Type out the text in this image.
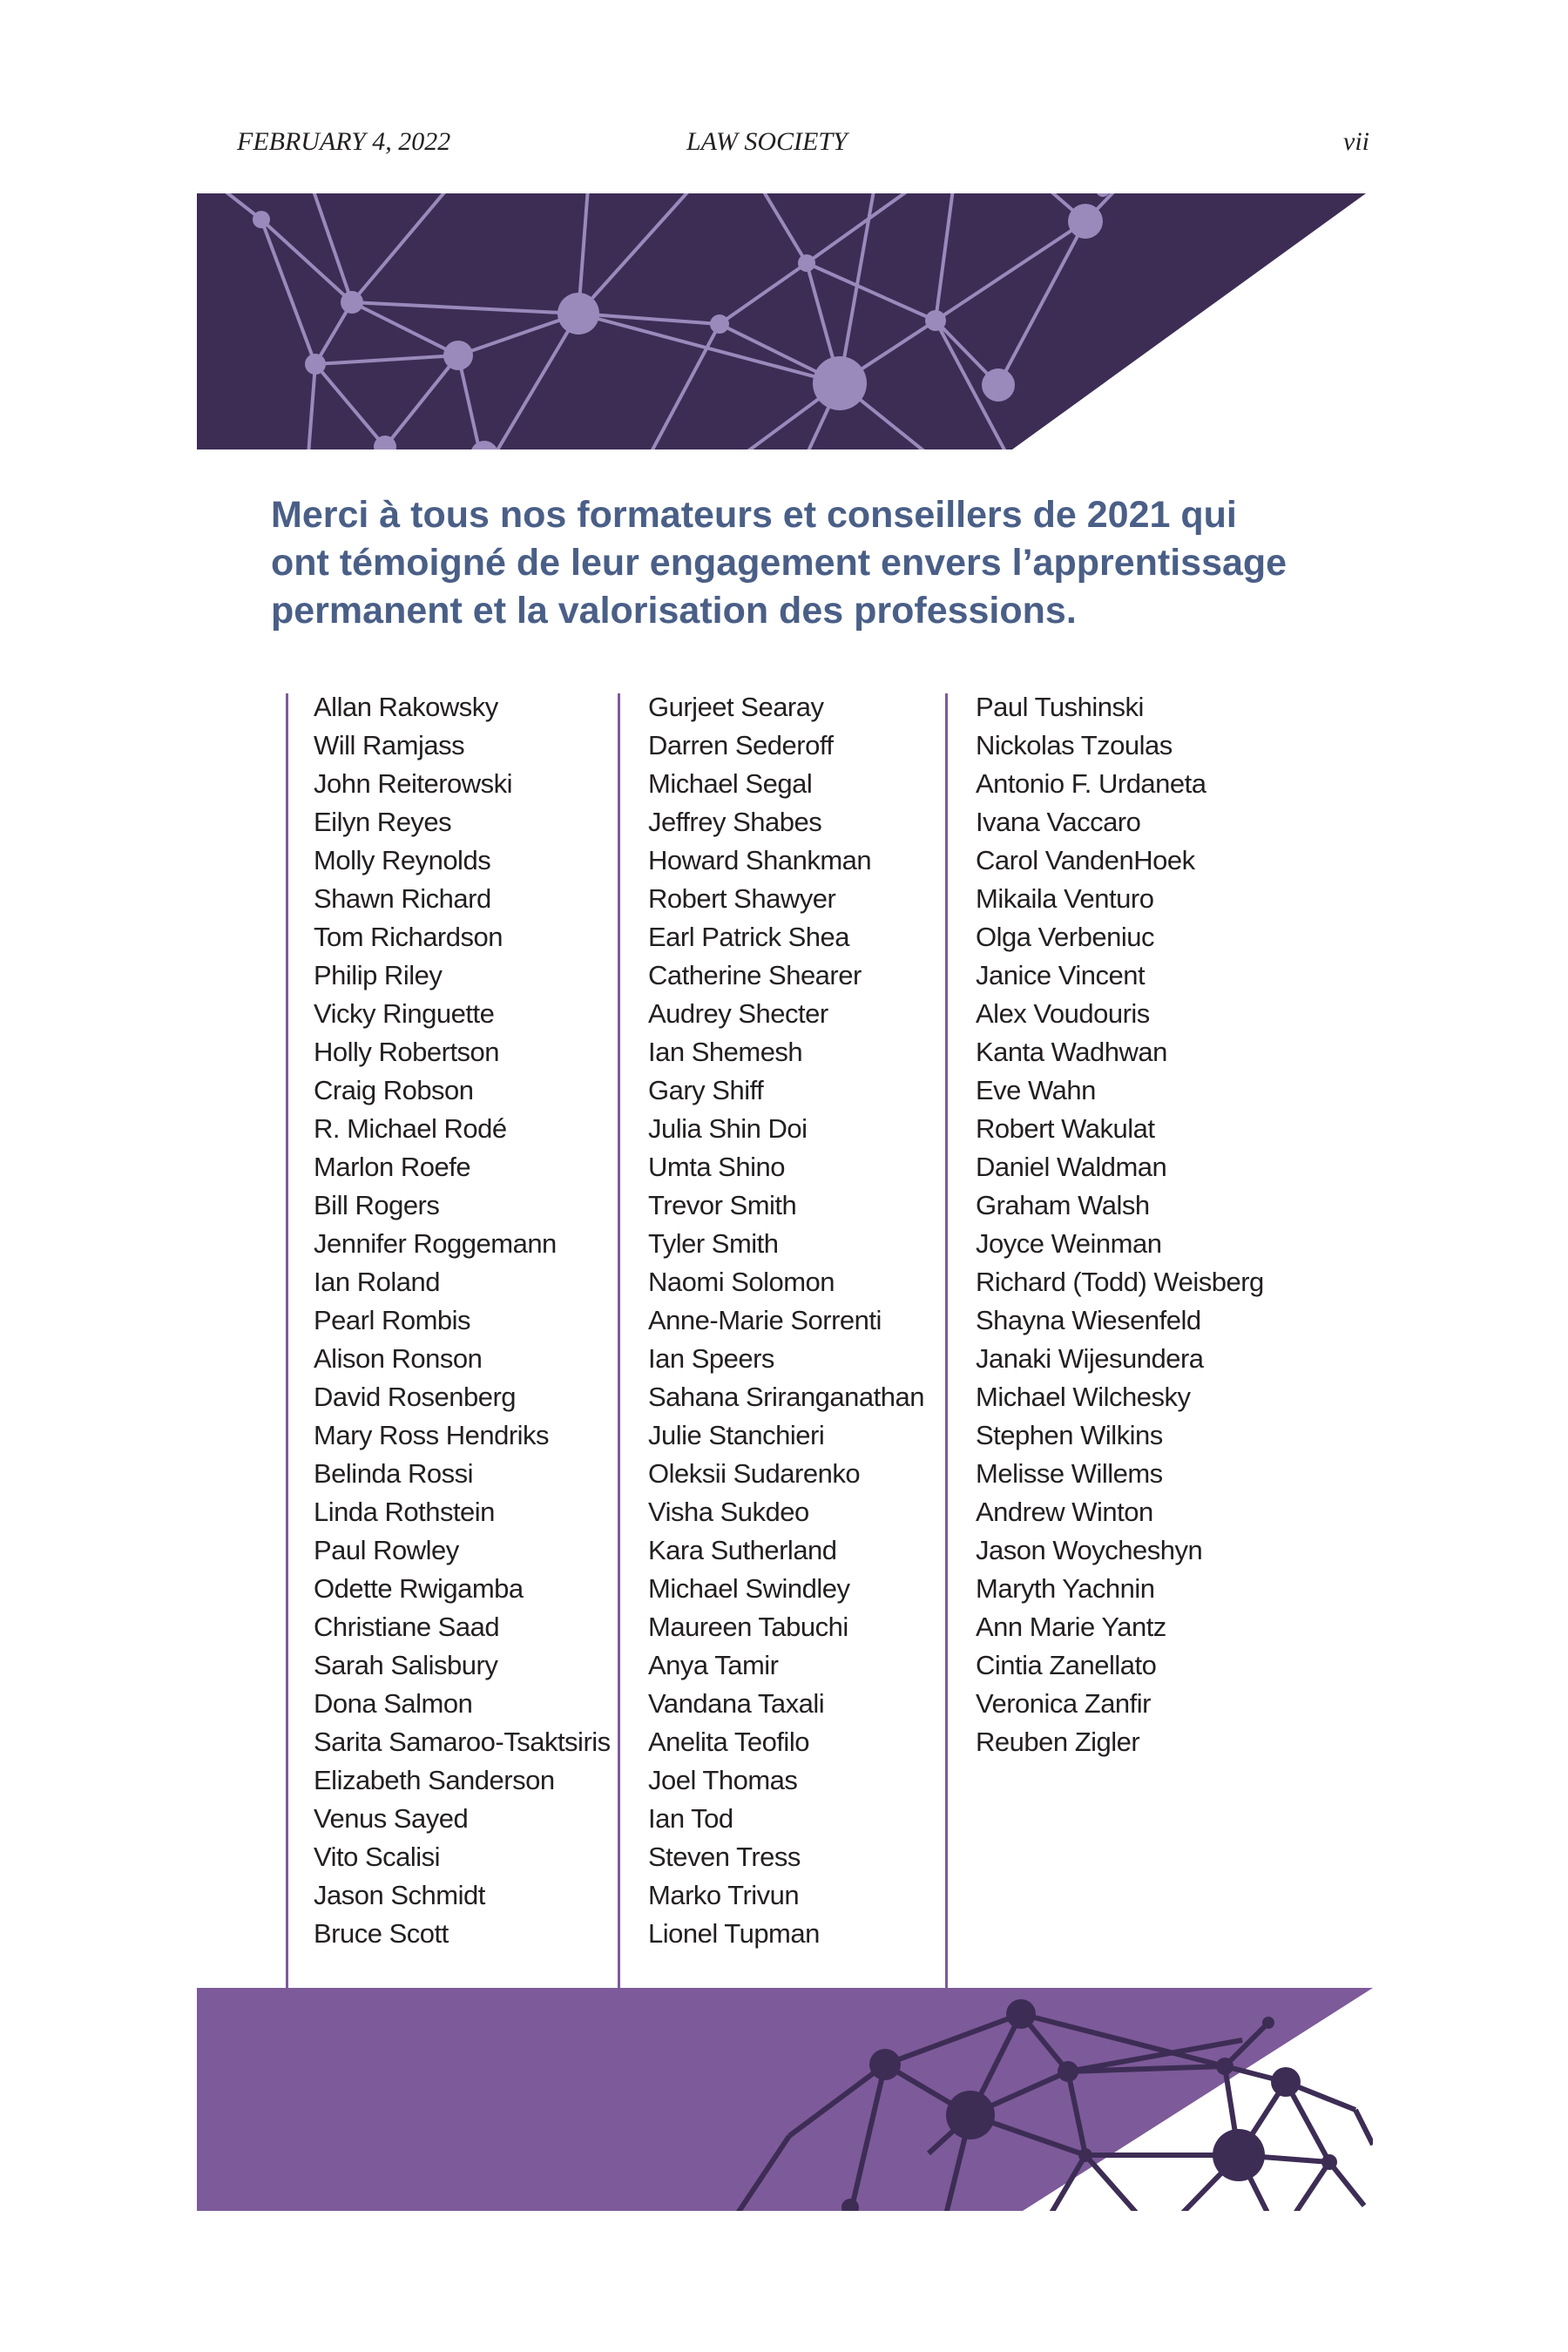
FEBRUARY 4, 2022	LAW SOCIETY	vii
Merci à tous nos formateurs et conseillers de 2021 qui
ont témoigné de leur engagement envers l’apprentissage
permanent et la valorisation des professions.
Allan Rakowsky
Will Ramjass
John Reiterowski
Eilyn Reyes
Molly Reynolds
Shawn Richard
Tom Richardson
Philip Riley
Vicky Ringuette
Holly Robertson
Craig Robson
R. Michael Rodé
Marlon Roefe
Bill Rogers
Jennifer Roggemann
Ian Roland
Pearl Rombis
Alison Ronson
David Rosenberg
Mary Ross Hendriks
Belinda Rossi
Linda Rothstein
Paul Rowley
Odette Rwigamba
Christiane Saad
Sarah Salisbury
Dona Salmon
Sarita Samaroo-Tsaktsiris
Elizabeth Sanderson
Venus Sayed
Vito Scalisi
Jason Schmidt
Bruce Scott
Gurjeet Searay
Darren Sederoff
Michael Segal
Jeffrey Shabes
Howard Shankman
Robert Shawyer
Earl Patrick Shea
Catherine Shearer
Audrey Shecter
Ian Shemesh
Gary Shiff
Julia Shin Doi
Umta Shino
Trevor Smith
Tyler Smith
Naomi Solomon
Anne-Marie Sorrenti
Ian Speers
Sahana Sriranganathan
Julie Stanchieri
Oleksii Sudarenko
Visha Sukdeo
Kara Sutherland
Michael Swindley
Maureen Tabuchi
Anya Tamir
Vandana Taxali
Anelita Teofilo
Joel Thomas
Ian Tod
Steven Tress
Marko Trivun
Lionel Tupman
Paul Tushinski
Nickolas Tzoulas
Antonio F. Urdaneta
Ivana Vaccaro
Carol VandenHoek
Mikaila Venturo
Olga Verbeniuc
Janice Vincent
Alex Voudouris
Kanta Wadhwan
Eve Wahn
Robert Wakulat
Daniel Waldman
Graham Walsh
Joyce Weinman
Richard (Todd) Weisberg
Shayna Wiesenfeld
Janaki Wijesundera
Michael Wilchesky
Stephen Wilkins
Melisse Willems
Andrew Winton
Jason Woycheshyn
Maryth Yachnin
Ann Marie Yantz
Cintia Zanellato
Veronica Zanfir
Reuben Zigler
